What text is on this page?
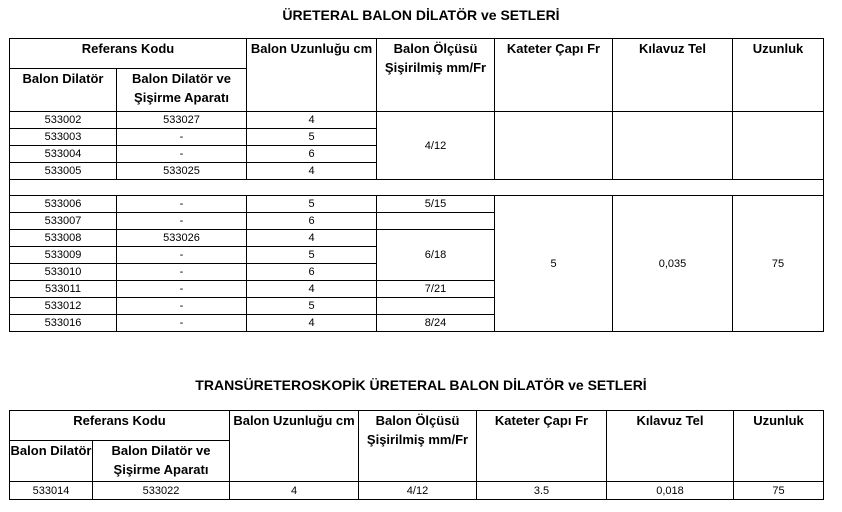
ÜRETERAL BALON DİLATÖR ve SETLERİ
Referans Kodu		Balon Uzunluğu cm	Balon Ölçüsü Şişirilmiş mm/Fr	Kateter Çapı Fr	Kılavuz Tel	Uzunluk
Balon Dilatör	Balon Dilatör ve Şişirme Aparatı					
533002	533027	4	4/12			
533003	-	5				
533004	-	6				
533005	533025	4				

533006	-	5	5/15	5	0,035	75
533007	-	6				
533008	533026	4	6/18			
533009	-	5				
533010	-	6				
533011	-	4	7/21			
533012	-	5				
533016	-	4	8/24			
TRANSÜRETEROSKOPİK ÜRETERAL BALON DİLATÖR ve SETLERİ
Referans Kodu		Balon Uzunluğu cm	Balon Ölçüsü Şişirilmiş mm/Fr	Kateter Çapı Fr	Kılavuz Tel	Uzunluk
Balon Dilatör	Balon Dilatör ve Şişirme Aparatı					
533014	533022	4	4/12	3.5	0,018	75
